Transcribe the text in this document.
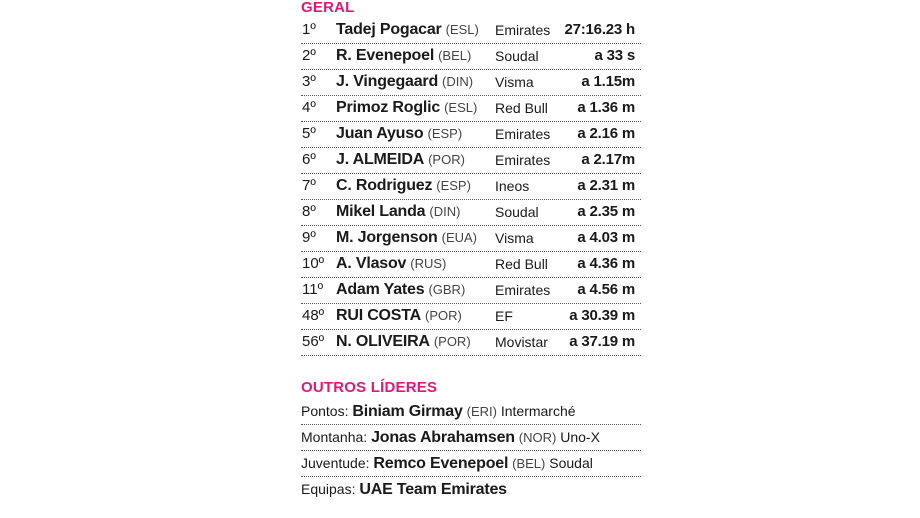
GERAL
1º Tadej Pogacar (ESL) Emirates 27:16.23 h
2º R. Evenepoel (BEL) Soudal	a 33 s
3º J. Vingegaard (DIN) Visma	a 1.15m
4º Primoz Roglic (ESL) Red Bull a 1.36 m
5º Juan Ayuso (ESP) Emirates a 2.16 m
6º J. ALMEIDA (POR) Emirates a 2.17m
7º C. Rodriguez (ESP) Ineos	a 2.31 m
8º Mikel Landa (DIN) Soudal	a 2.35 m
9º M. Jorgenson (EUA) Visma	a 4.03 m
10º A. Vlasov (RUS)	Red Bull a 4.36 m
11º Adam Yates (GBR) Emirates a 4.56 m
48º RUI COSTA (POR) EF	a 30.39 m
56º N. OLIVEIRA (POR) Movistar a 37.19 m
OUTROS LÍDERES
Pontos: Biniam Girmay (ERI) Intermarché
Montanha: Jonas Abrahamsen (NOR) Uno-X
Juventude: Remco Evenepoel (BEL) Soudal
Equipas: UAE Team Emirates
